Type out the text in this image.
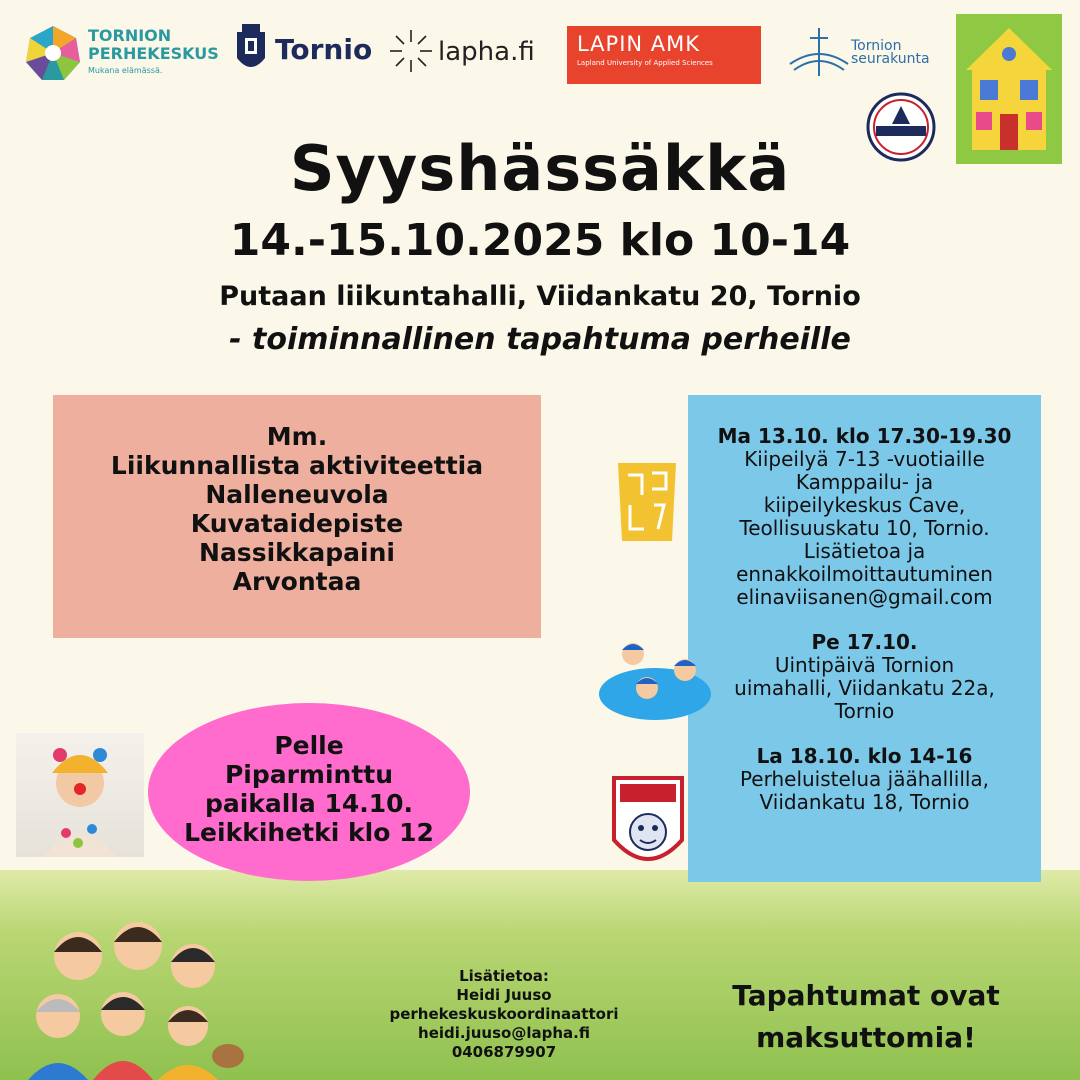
TORNION
PERHEKESKUS
Mukana elämässä.
Tornio	lapha.fi LAPIN AMK
Lapland University of Applied Sciences
Tornion
seurakunta
Syyshässäkkä
14.-15.10.2025 klo 10-14
Putaan liikuntahalli, Viidankatu 20, Tornio
- toiminnallinen tapahtuma perheille
Mm.
Liikunnallista aktiviteettia
Nalleneuvola
Kuvataidepiste
Nassikkapaini
Arvontaa
Ma 13.10. klo 17.30-19.30
Kiipeilyä 7-13 -vuotiaille
Kamppailu- ja
kiipeilykeskus Cave,
Teollisuuskatu 10, Tornio.
Lisätietoa ja
ennakkoilmoittautuminen
elinaviisanen@gmail.com
Pe 17.10.
Uintipäivä Tornion
uimahalli, Viidankatu 22a,
Tornio
La 18.10. klo 14-16
Perheluistelua jäähallilla,
Viidankatu 18, Tornio
Pelle
Piparminttu
paikalla 14.10.
Leikkihetki klo 12
Lisätietoa:
Heidi Juuso
perhekeskuskoordinaattori
heidi.juuso@lapha.fi
0406879907
Tapahtumat ovat
maksuttomia!
